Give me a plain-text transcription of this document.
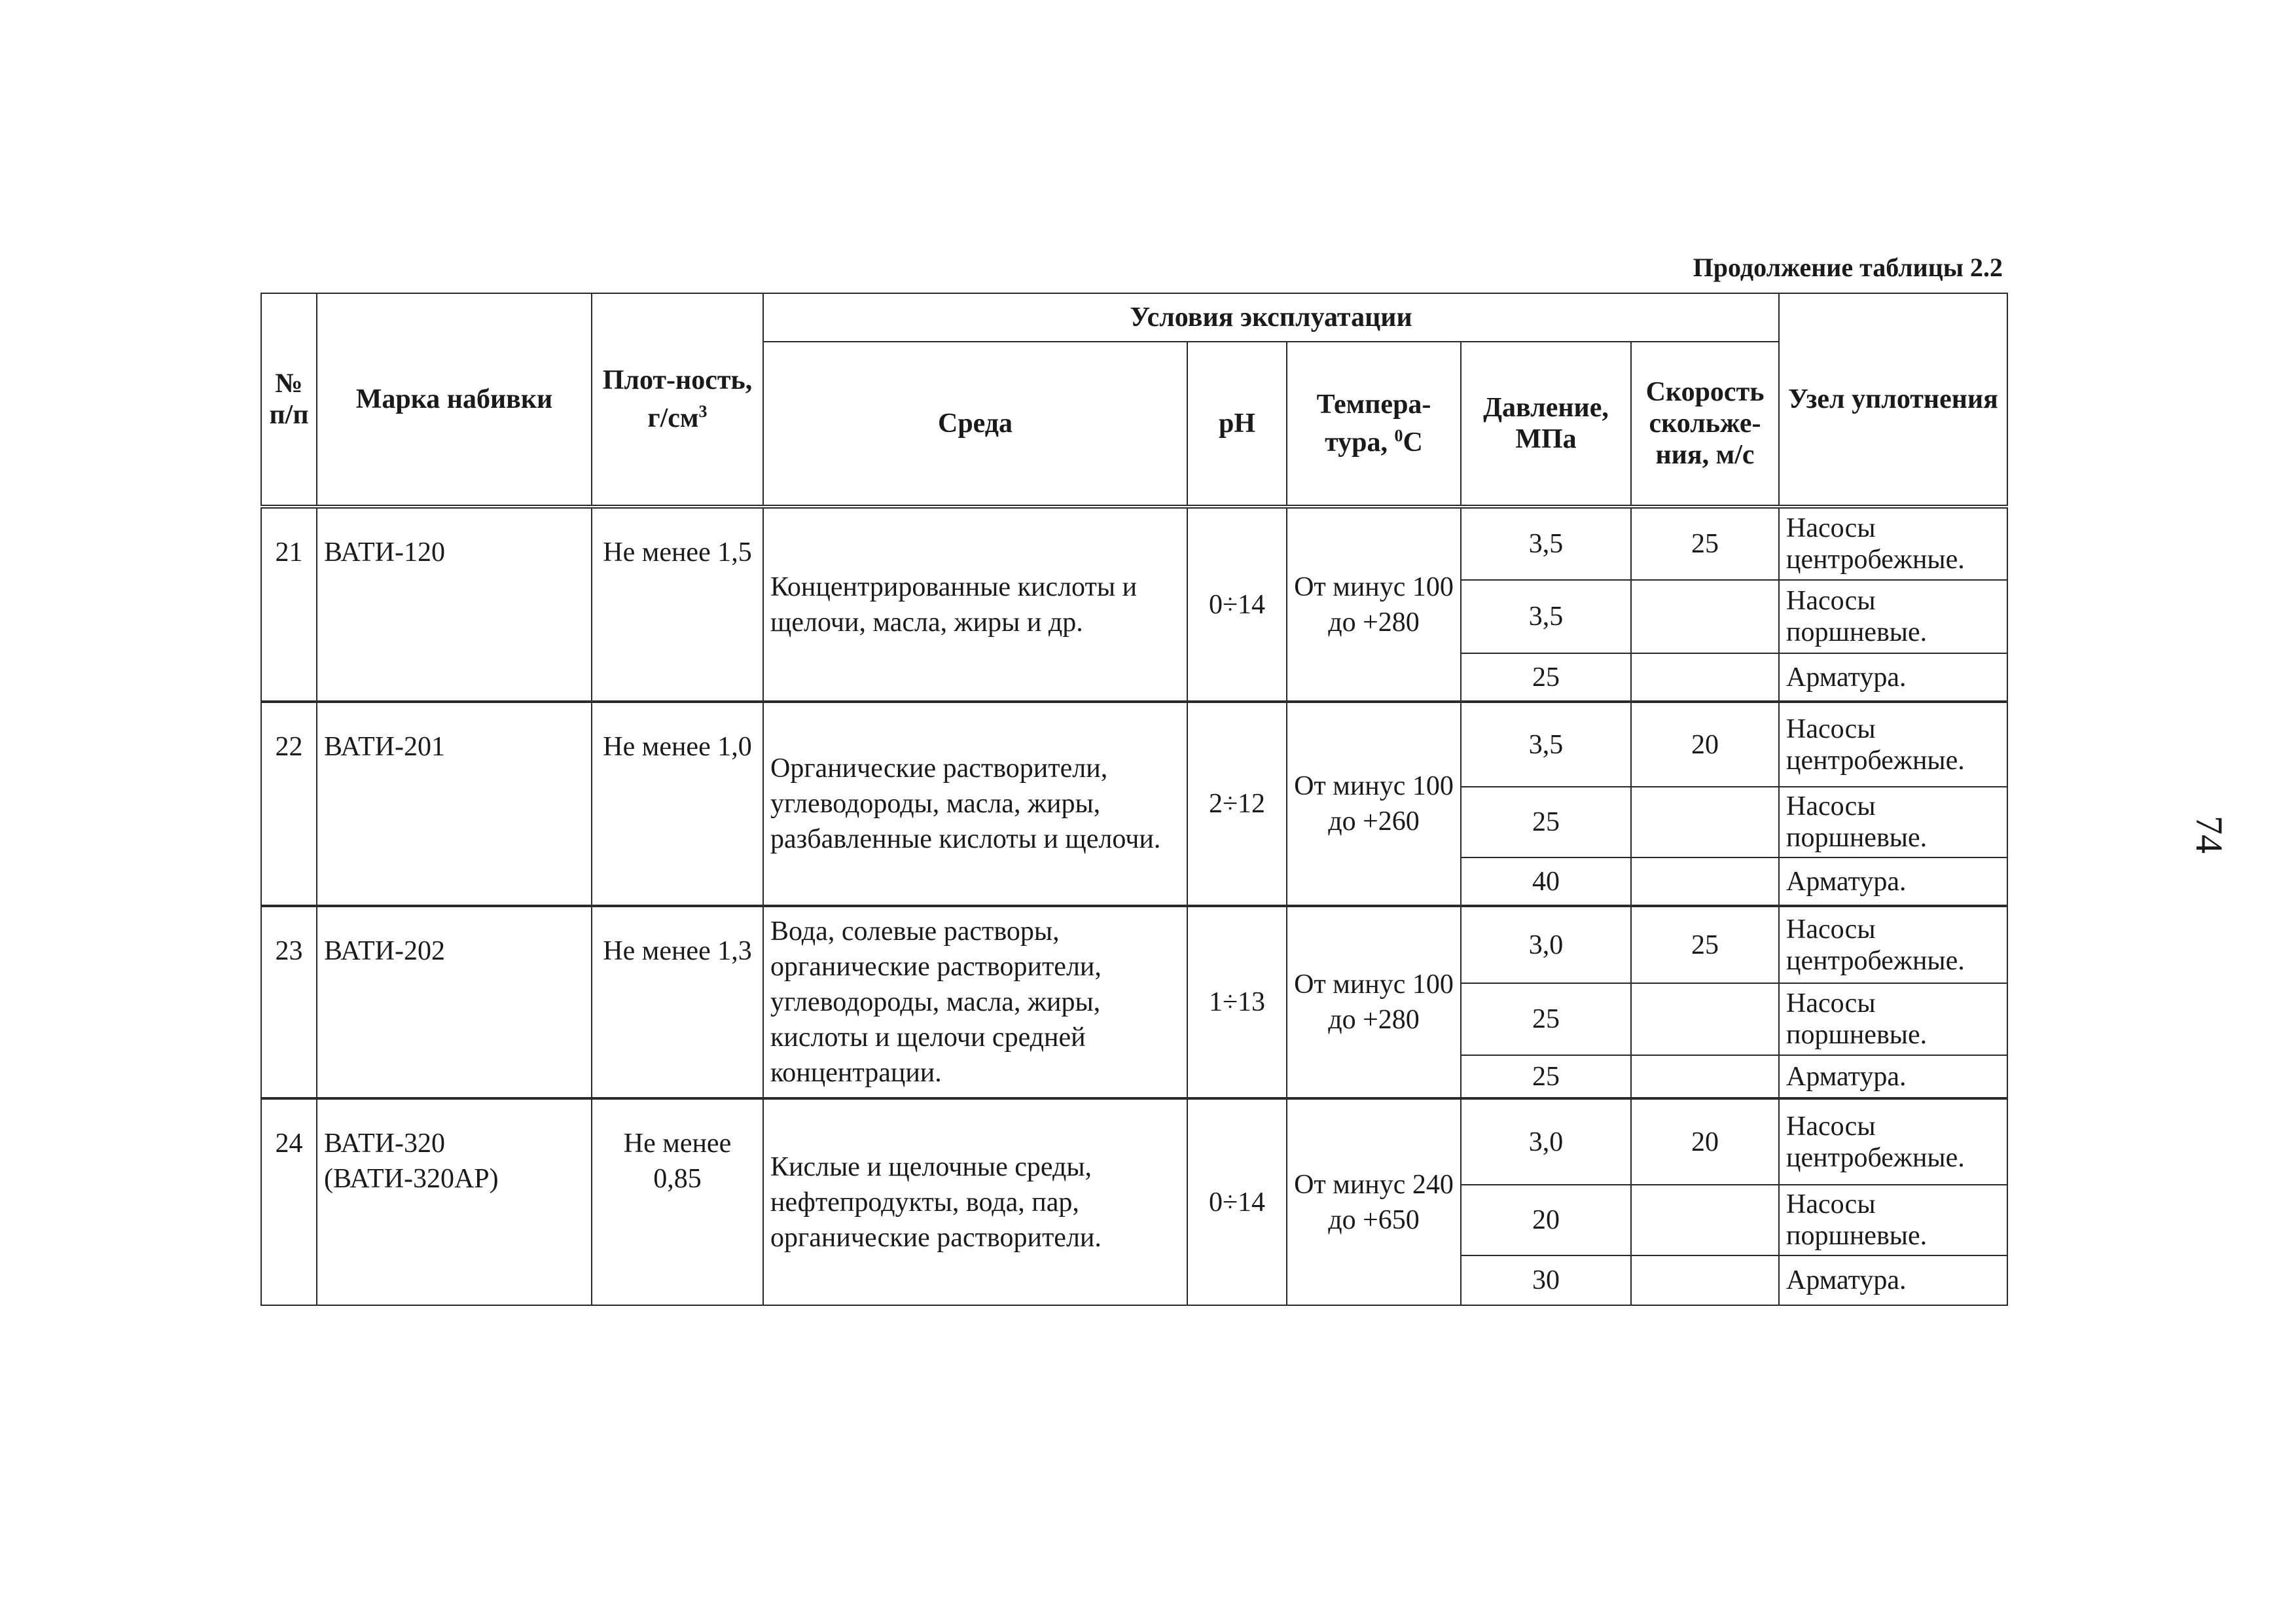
Продолжение таблицы 2.2
74
№ п/п	Марка набивки	Плот-ность,
$г/см^3$	Условия эксплуатации					Узел уплотнения
			Среда	pH	Темпера-тура, $^0$С	Давление, МПа	Скорость скольже-ния, м/с	
21	ВАТИ-120	Не менее 1,5	Концентрированные кислоты и щелочи, масла, жиры и др.	0÷14	От минус 100 до +280	3,5	25	Насосы центробежные.
						3,5		Насосы поршневые.
						25		Арматура.
22	ВАТИ-201	Не менее 1,0	Органические растворители, углеводороды, масла, жиры, разбавленные кислоты и щелочи.	2÷12	От минус 100 до +260	3,5	20	Насосы центробежные.
						25		Насосы поршневые.
						40		Арматура.
23	ВАТИ-202	Не менее 1,3	Вода, солевые растворы, органические растворители, углеводороды, масла, жиры, кислоты и щелочи средней концентрации.	1÷13	От минус 100 до +280	3,0	25	Насосы центробежные.
						25		Насосы поршневые.
						25		Арматура.
24	ВАТИ-320 (ВАТИ-320АР)	Не менее 0,85	Кислые и щелочные среды, нефтепродукты, вода, пар, органические растворители.	0÷14	От минус 240 до +650	3,0	20	Насосы центробежные.
						20		Насосы поршневые.
						30		Арматура.
